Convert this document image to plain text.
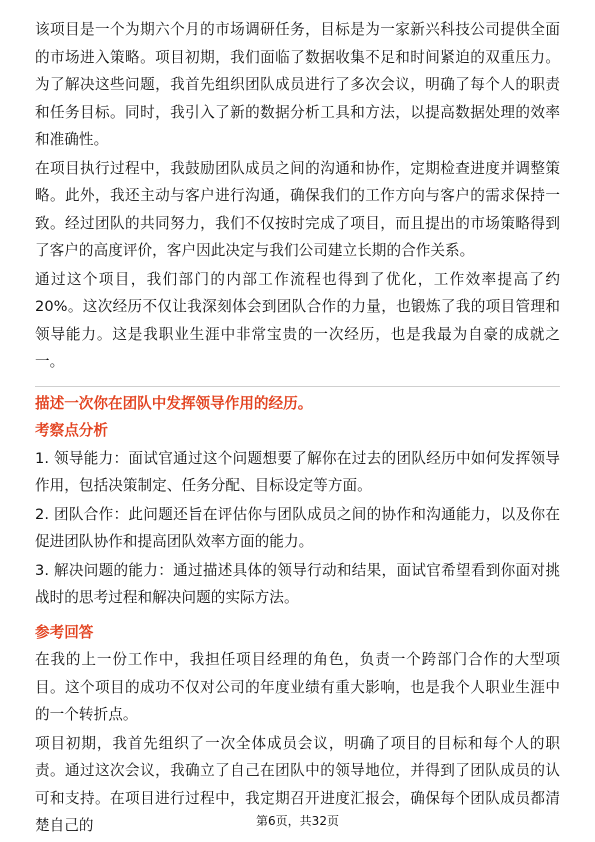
该项目是一个为期六个月的市场调研任务，目标是为一家新兴科技公司提供全面的市场进入策略。项目初期，我们面临了数据收集不足和时间紧迫的双重压力。为了解决这些问题，我首先组织团队成员进行了多次会议，明确了每个人的职责和任务目标。同时，我引入了新的数据分析工具和方法，以提高数据处理的效率和准确性。

在项目执行过程中，我鼓励团队成员之间的沟通和协作，定期检查进度并调整策略。此外，我还主动与客户进行沟通，确保我们的工作方向与客户的需求保持一致。经过团队的共同努力，我们不仅按时完成了项目，而且提出的市场策略得到了客户的高度评价，客户因此决定与我们公司建立长期的合作关系。

通过这个项目，我们部门的内部工作流程也得到了优化，工作效率提高了约20%。这次经历不仅让我深刻体会到团队合作的力量，也锻炼了我的项目管理和领导能力。这是我职业生涯中非常宝贵的一次经历，也是我最为自豪的成就之一。

描述一次你在团队中发挥领导作用的经历。

考察点分析

1. 领导能力：面试官通过这个问题想要了解你在过去的团队经历中如何发挥领导作用，包括决策制定、任务分配、目标设定等方面。

2. 团队合作：此问题还旨在评估你与团队成员之间的协作和沟通能力，以及你在促进团队协作和提高团队效率方面的能力。

3. 解决问题的能力：通过描述具体的领导行动和结果，面试官希望看到你面对挑战时的思考过程和解决问题的实际方法。

参考回答

在我的上一份工作中，我担任项目经理的角色，负责一个跨部门合作的大型项目。这个项目的成功不仅对公司的年度业绩有重大影响，也是我个人职业生涯中的一个转折点。

项目初期，我首先组织了一次全体成员会议，明确了项目的目标和每个人的职责。通过这次会议，我确立了自己在团队中的领导地位，并得到了团队成员的认可和支持。在项目进行过程中，我定期召开进度汇报会，确保每个团队成员都清楚自己的	第6页，共32页
